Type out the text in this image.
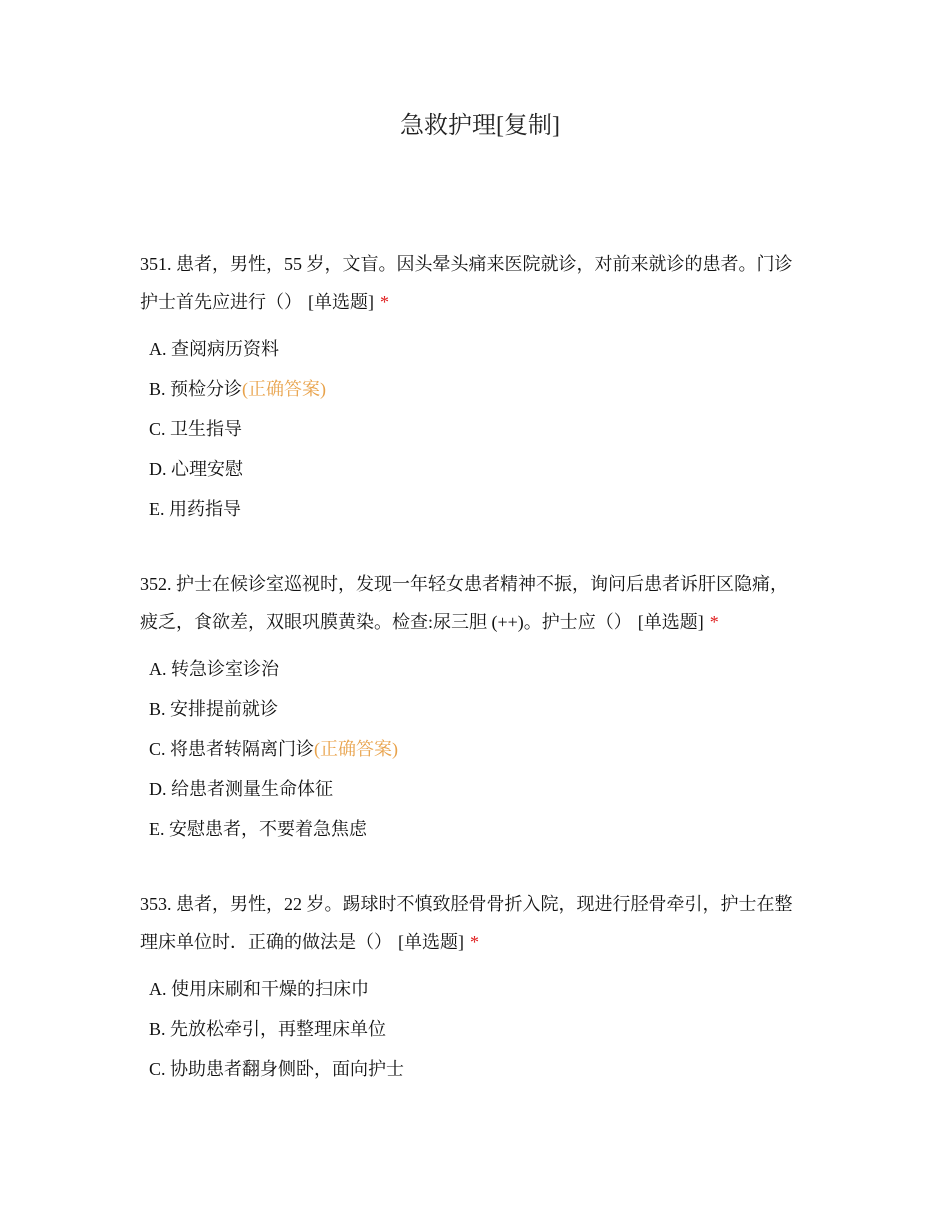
急救护理[复制]

351. 患者，男性，55 岁，文盲。因头晕头痛来医院就诊，对前来就诊的患者。门诊护士首先应进行（） [单选题] *

A. 查阅病历资料
B. 预检分诊(正确答案)
C. 卫生指导
D. 心理安慰
E. 用药指导

352. 护士在候诊室巡视时，发现一年轻女患者精神不振，询问后患者诉肝区隐痛，疲乏，食欲差，双眼巩膜黄染。检查:尿三胆 (++)。护士应（） [单选题] *

A. 转急诊室诊治
B. 安排提前就诊
C. 将患者转隔离门诊(正确答案)
D. 给患者测量生命体征
E. 安慰患者，不要着急焦虑

353. 患者，男性，22 岁。踢球时不慎致胫骨骨折入院，现进行胫骨牵引，护士在整理床单位时．正确的做法是（） [单选题] *

A. 使用床刷和干燥的扫床巾
B. 先放松牵引，再整理床单位
C. 协助患者翻身侧卧，面向护士
